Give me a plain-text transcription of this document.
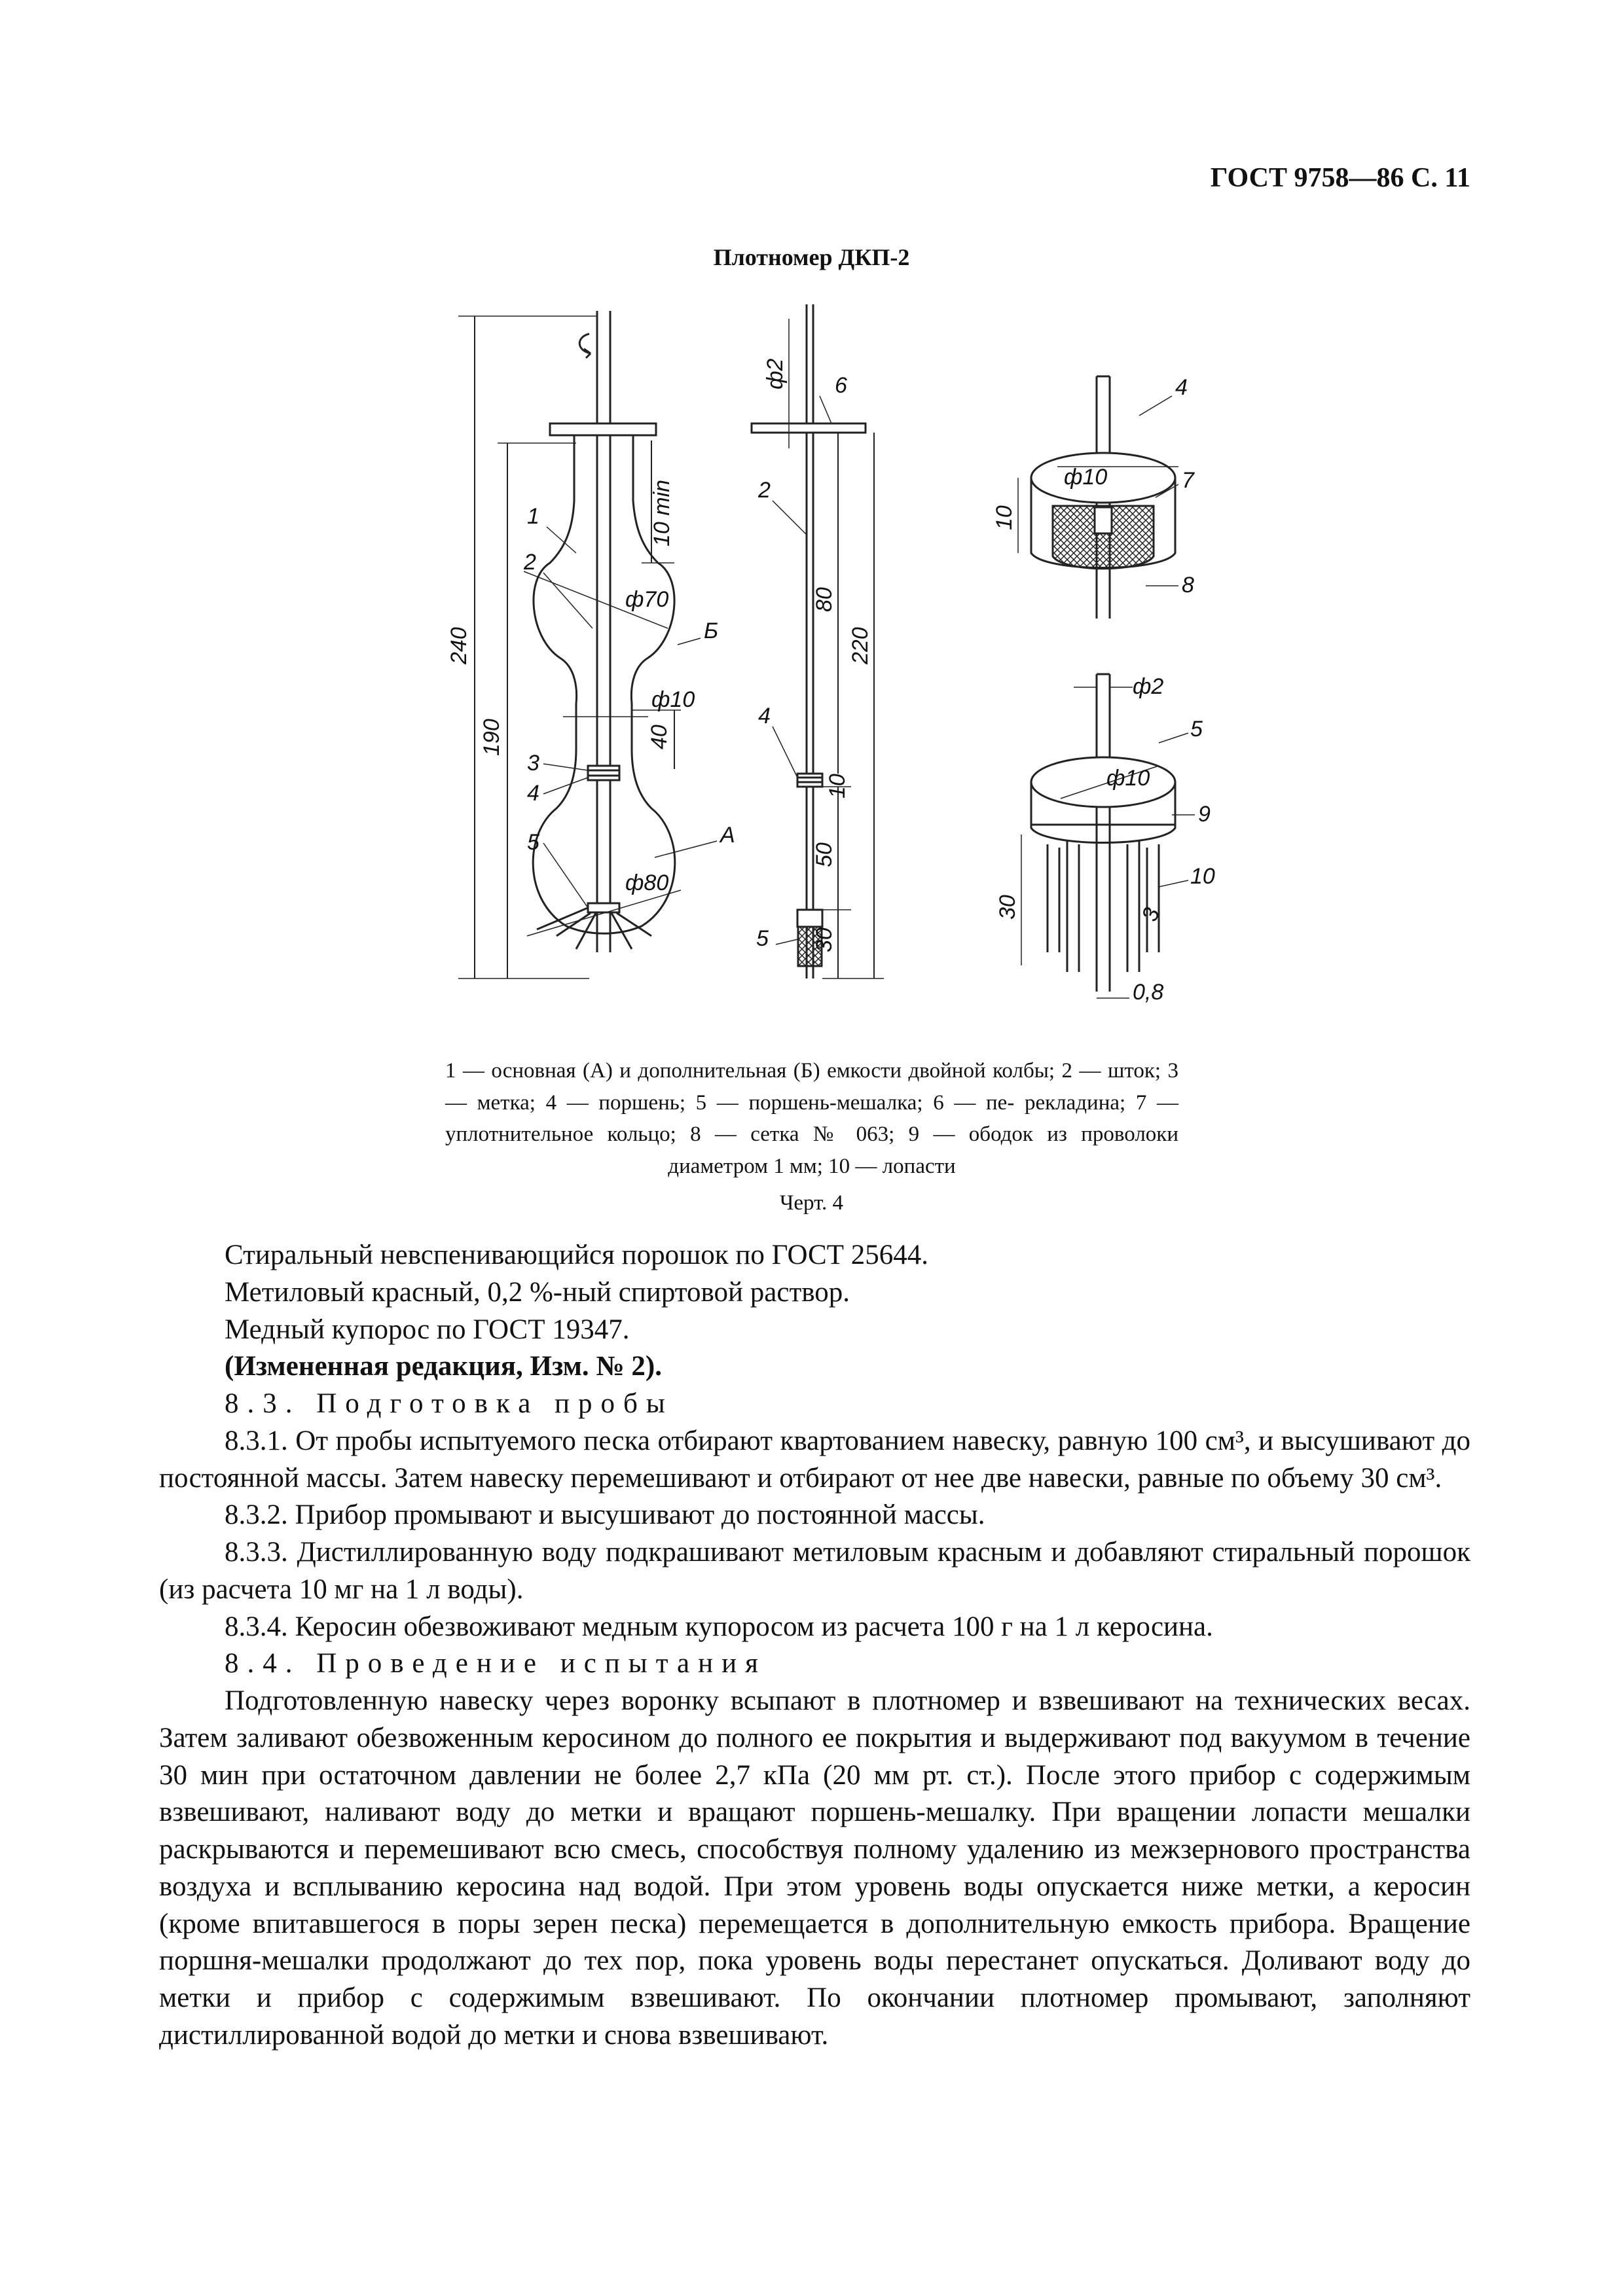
ГОСТ 9758—86 С. 11
Плотномер ДКП-2
1
2
3
4
5
Б
А
ф70
ф10
ф80
240
190
10 min
40
6
2
4
5
ф2
80
220
10
50
30
4
7
8
ф10
10
ф2
5
ф10
9
10
3
30
0,8
1 — основная (А) и дополнительная (Б) емкости двойной колбы; 2 — шток; 3 — метка; 4 — поршень; 5 — поршень-мешалка; 6 — пе- рекладина; 7 — уплотнительное кольцо; 8 — сетка № 063; 9 — ободок из проволоки диаметром 1 мм; 10 — лопасти
Черт. 4

Стиральный невспенивающийся порошок по ГОСТ 25644.

Метиловый красный, 0,2 %-ный спиртовой раствор.

Медный купорос по ГОСТ 19347.

(Измененная редакция, Изм. № 2).

8.3. Подготовка пробы

8.3.1. От пробы испытуемого песка отбирают квартованием навеску, равную 100 см³, и высушивают до постоянной массы. Затем навеску перемешивают и отбирают от нее две навески, равные по объему 30 см³.

8.3.2. Прибор промывают и высушивают до постоянной массы.

8.3.3. Дистиллированную воду подкрашивают метиловым красным и добавляют стиральный порошок (из расчета 10 мг на 1 л воды).

8.3.4. Керосин обезвоживают медным купоросом из расчета 100 г на 1 л керосина.

8.4. Проведение испытания

Подготовленную навеску через воронку всыпают в плотномер и взвешивают на технических весах. Затем заливают обезвоженным керосином до полного ее покрытия и выдерживают под вакуумом в течение 30 мин при остаточном давлении не более 2,7 кПа (20 мм рт. ст.). После этого прибор с содержимым взвешивают, наливают воду до метки и вращают поршень-мешалку. При вращении лопасти мешалки раскрываются и перемешивают всю смесь, способствуя полному удалению из межзернового пространства воздуха и всплыванию керосина над водой. При этом уровень воды опускается ниже метки, а керосин (кроме впитавшегося в поры зерен песка) перемещается в дополнительную емкость прибора. Вращение поршня-мешалки продолжают до тех пор, пока уровень воды перестанет опускаться. Доливают воду до метки и прибор с содержимым взвешивают. По окончании плотномер промывают, заполняют дистиллированной водой до метки и снова взвешивают.
